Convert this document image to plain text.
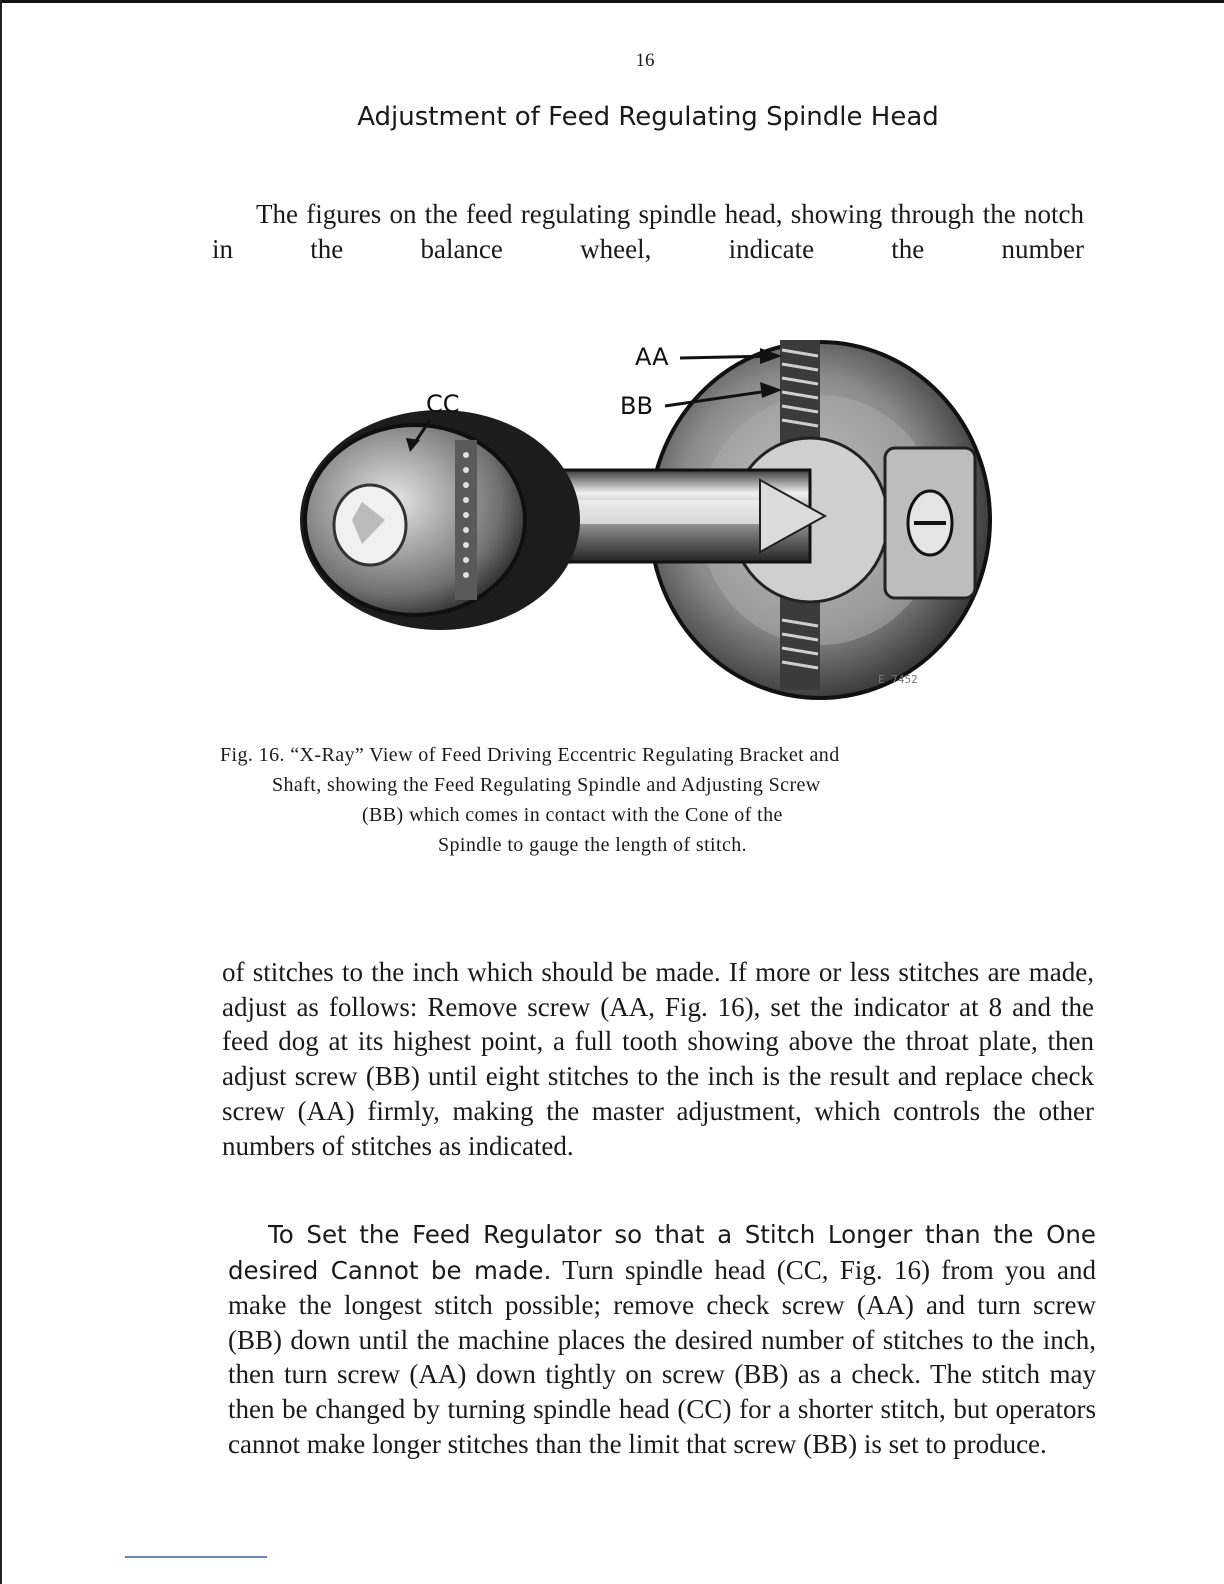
16
Adjustment of Feed Regulating Spindle Head

The figures on the feed regulating spindle head, showing through the notch in the balance wheel, indicate the number

AA
BB
CC
E 7452
Fig. 16. “X-Ray” View of Feed Driving Eccentric Regulating Bracket and
Shaft, showing the Feed Regulating Spindle and Adjusting Screw
(BB) which comes in contact with the Cone of the
Spindle to gauge the length of stitch.

of stitches to the inch which should be made. If more or less stitches are made, adjust as follows: Remove screw (AA, Fig. 16), set the indicator at 8 and the feed dog at its highest point, a full tooth showing above the throat plate, then adjust screw (BB) until eight stitches to the inch is the result and replace check screw (AA) firmly, making the master adjustment, which controls the other numbers of stitches as indicated.

To Set the Feed Regulator so that a Stitch Longer than the One desired Cannot be made. Turn spindle head (CC, Fig. 16) from you and make the longest stitch possible; remove check screw (AA) and turn screw (BB) down until the machine places the desired number of stitches to the inch, then turn screw (AA) down tightly on screw (BB) as a check. The stitch may then be changed by turning spindle head (CC) for a shorter stitch, but operators cannot make longer stitches than the limit that screw (BB) is set to produce.
